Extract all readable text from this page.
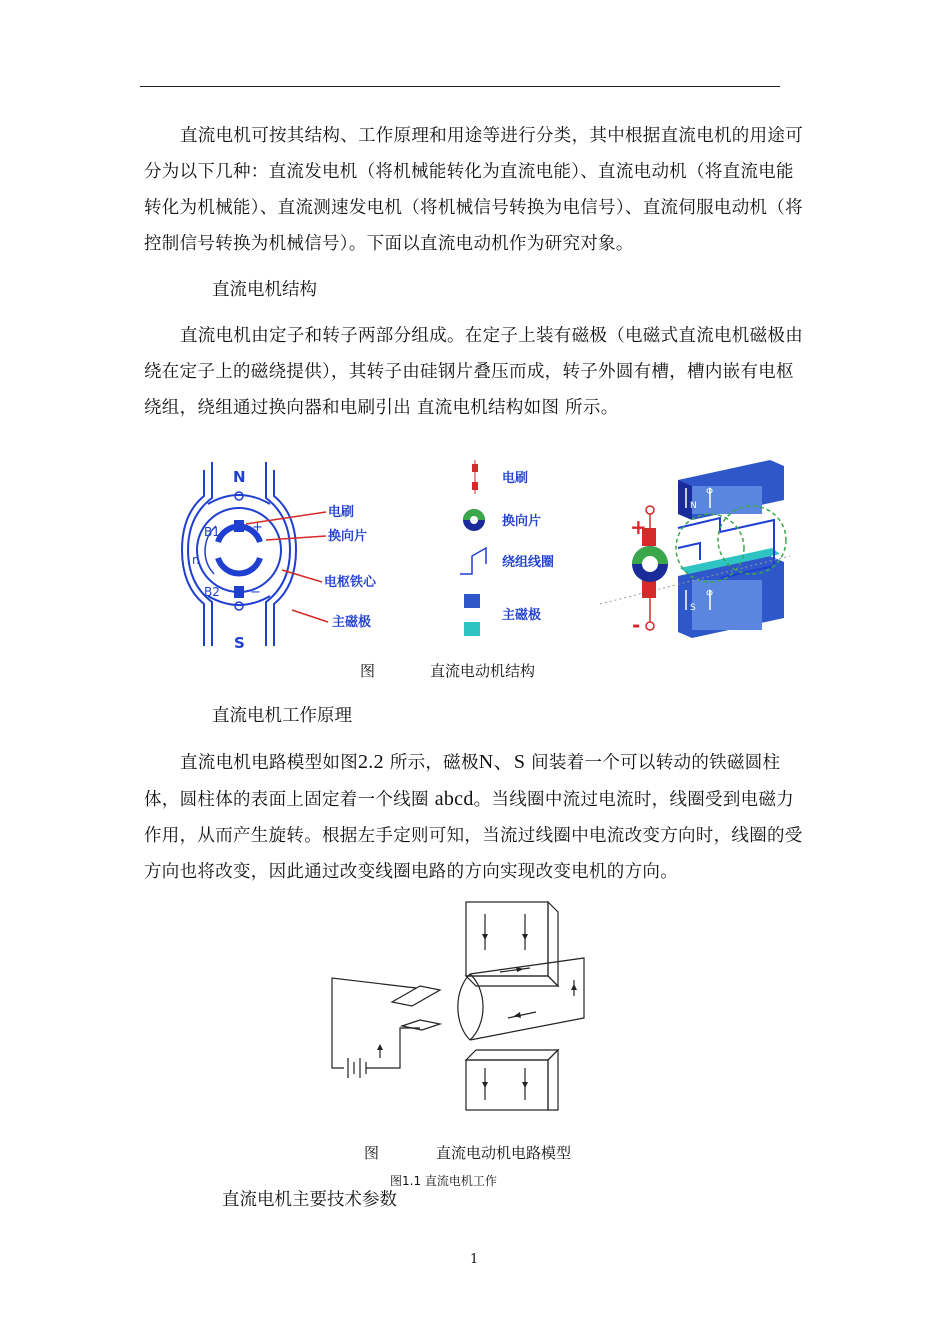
直流电机可按其结构、工作原理和用途等进行分类，其中根据直流电机的用途可分为以下几种：直流发电机（将机械能转化为直流电能）、直流电动机（将直流电能转化为机械能）、直流测速发电机（将机械信号转换为电信号）、直流伺服电动机（将控制信号转换为机械信号）。下面以直流电动机作为研究对象。

直流电机结构

直流电机由定子和转子两部分组成。在定子上装有磁极（电磁式直流电机磁极由绕在定子上的磁绕提供），其转子由硅钢片叠压而成，转子外圆有槽，槽内嵌有电枢绕组，绕组通过换向器和电刷引出 直流电机结构如图 所示。

N
S
B1
B2
n
+
−
电刷
换向片
电枢铁心
主磁极
电刷
换向片
绕组线圈
主磁极
+
-
N
S
Φ
Φ
图	直流电动机结构

直流电机工作原理

直流电机电路模型如图2.2 所示，磁极N、S 间装着一个可以转动的铁磁圆柱体，圆柱体的表面上固定着一个线圈 abcd。当线圈中流过电流时，线圈受到电磁力作用，从而产生旋转。根据左手定则可知，当流过线圈中电流改变方向时，线圈的受方向也将改变，因此通过改变线圈电路的方向实现改变电机的方向。

图	直流电动机电路模型
图1.1 直流电机工作

直流电机主要技术参数

1
